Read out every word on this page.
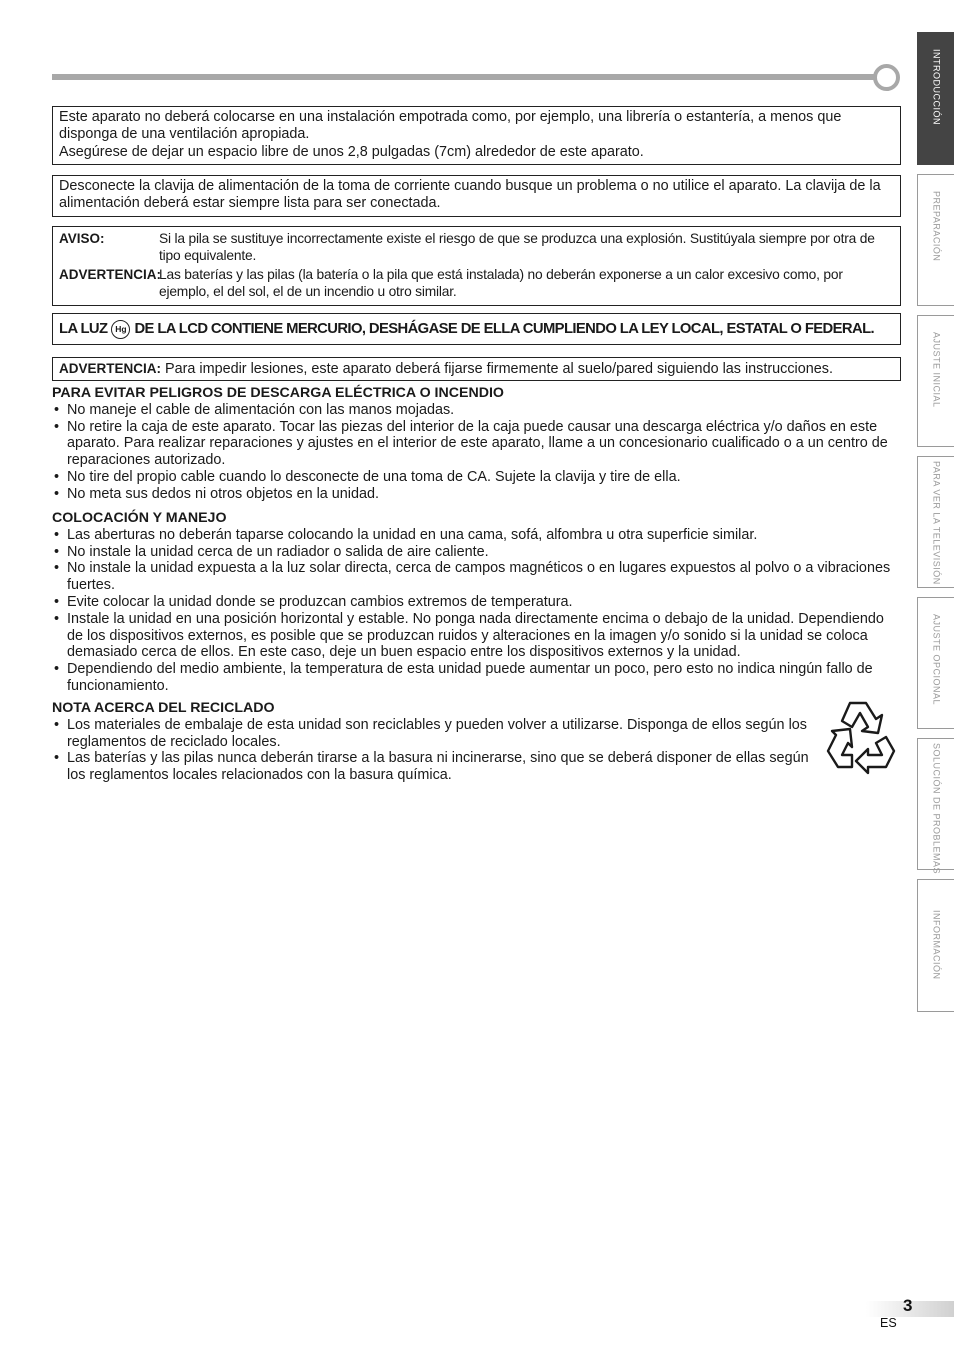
Este aparato no deberá colocarse en una instalación empotrada como, por ejemplo, una librería o estantería, a menos que disponga de una ventilación apropiada.

Asegúrese de dejar un espacio libre de unos 2,8 pulgadas (7cm) alrededor de este aparato.

Desconecte la clavija de alimentación de la toma de corriente cuando busque un problema o no utilice el aparato. La clavija de la alimentación deberá estar siempre lista para ser conectada.

AVISO:	Si la pila se sustituye incorrectamente existe el riesgo de que se produzca una explosión. Sustitúyala siempre por otra de tipo equivalente.
ADVERTENCIA:
Las baterías y las pilas (la batería o la pila que está instalada) no deberán exponerse a un calor excesivo como, por ejemplo, el del sol, el de un incendio u otro similar.
LA LUZ Hg DE LA LCD CONTIENE MERCURIO, DESHÁGASE DE ELLA CUMPLIENDO LA LEY LOCAL, ESTATAL O FEDERAL.
ADVERTENCIA: Para impedir lesiones, este aparato deberá fijarse firmemente al suelo/pared siguiendo las instrucciones.

PARA EVITAR PELIGROS DE DESCARGA ELÉCTRICA O INCENDIO

• No maneje el cable de alimentación con las manos mojadas.
• No retire la caja de este aparato. Tocar las piezas del interior de la caja puede causar una descarga eléctrica y/o daños en este aparato. Para realizar reparaciones y ajustes en el interior de este aparato, llame a un concesionario cualificado o a un centro de reparaciones autorizado.
• No tire del propio cable cuando lo desconecte de una toma de CA. Sujete la clavija y tire de ella.
• No meta sus dedos ni otros objetos en la unidad.

COLOCACIÓN Y MANEJO

• Las aberturas no deberán taparse colocando la unidad en una cama, sofá, alfombra u otra superficie similar.
• No instale la unidad cerca de un radiador o salida de aire caliente.
• No instale la unidad expuesta a la luz solar directa, cerca de campos magnéticos o en lugares expuestos al polvo o a vibraciones fuertes.
• Evite colocar la unidad donde se produzcan cambios extremos de temperatura.
• Instale la unidad en una posición horizontal y estable. No ponga nada directamente encima o debajo de la unidad. Dependiendo de los dispositivos externos, es posible que se produzcan ruidos y alteraciones en la imagen y/o sonido si la unidad se coloca demasiado cerca de ellos. En este caso, deje un buen espacio entre los dispositivos externos y la unidad.
• Dependiendo del medio ambiente, la temperatura de esta unidad puede aumentar un poco, pero esto no indica ningún fallo de funcionamiento.

NOTA ACERCA DEL RECICLADO

• Los materiales de embalaje de esta unidad son reciclables y pueden volver a utilizarse. Disponga de ellos según los reglamentos de reciclado locales.
• Las baterías y las pilas nunca deberán tirarse a la basura ni incinerarse, sino que se deberá disponer de ellas según los reglamentos locales relacionados con la basura química.
INTRODUCCIÓN
PREPARACIÓN
AJUSTE INICIAL
PARA VER LA TELEVISIÓN
AJUSTE OPCIONAL
SOLUCIÓN DE PROBLEMAS
INFORMACIÓN
3
ES
